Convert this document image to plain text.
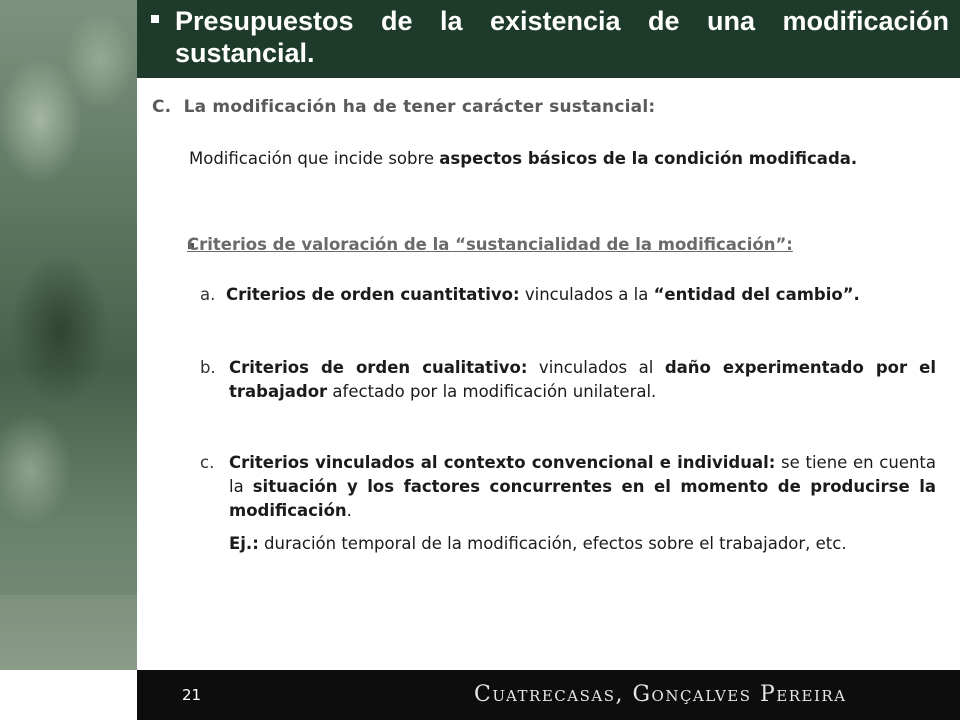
Presupuestos de la existencia de una modificación sustancial.
C. La modificación ha de tener carácter sustancial:
Modificación que incide sobre aspectos básicos de la condición modificada.
Criterios de valoración de la “sustancialidad de la modificación”:
a. Criterios de orden cuantitativo: vinculados a la “entidad del cambio”.
b. Criterios de orden cualitativo: vinculados al daño experimentado por el trabajador afectado por la modificación unilateral.
c. Criterios vinculados al contexto convencional e individual: se tiene en cuenta la situación y los factores concurrentes en el momento de producirse la modificación.
Ej.: duración temporal de la modificación, efectos sobre el trabajador, etc.
21	Cuatrecasas, Gonçalves Pereira
